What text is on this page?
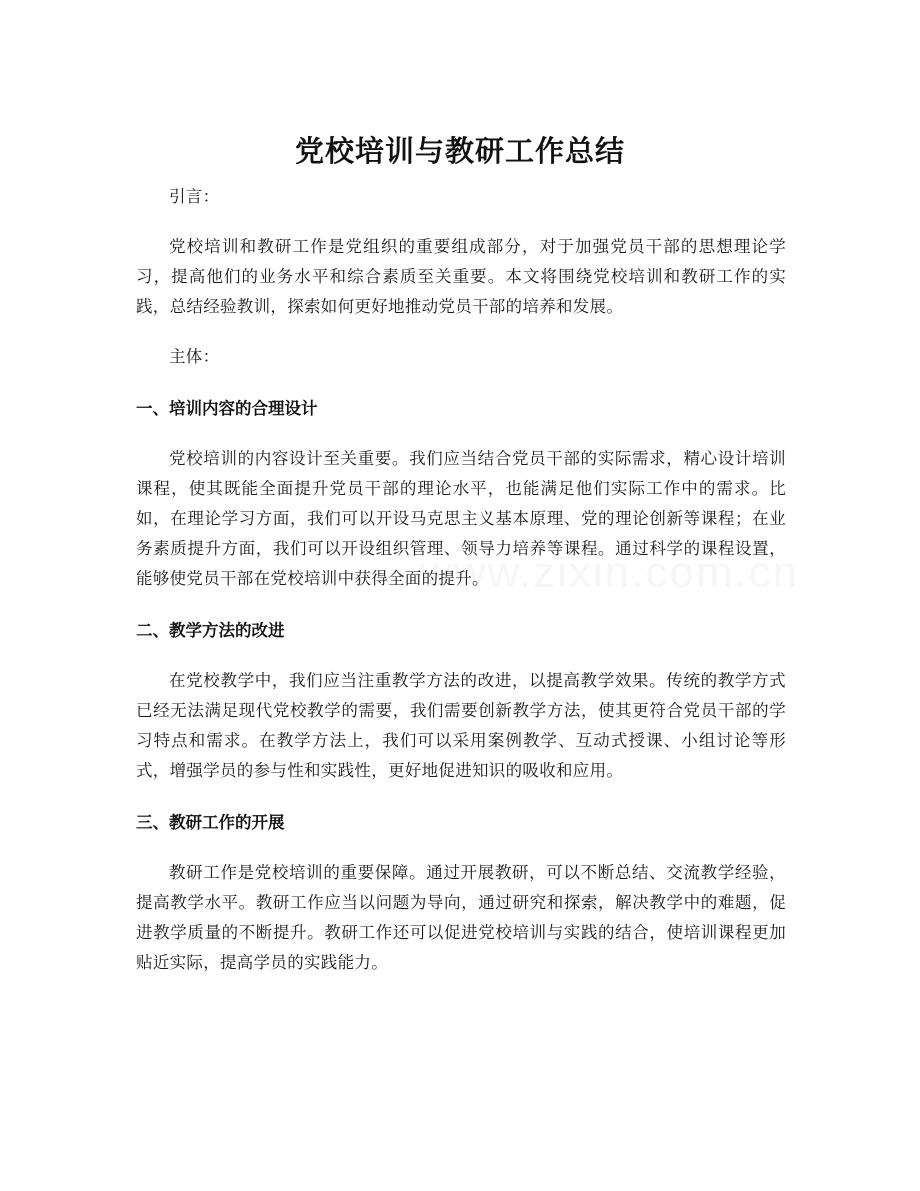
党校培训与教研工作总结

引言：

党校培训和教研工作是党组织的重要组成部分，对于加强党员干部的思想理论学习，提高他们的业务水平和综合素质至关重要。本文将围绕党校培训和教研工作的实践，总结经验教训，探索如何更好地推动党员干部的培养和发展。

主体：

一、培训内容的合理设计

党校培训的内容设计至关重要。我们应当结合党员干部的实际需求，精心设计培训课程，使其既能全面提升党员干部的理论水平，也能满足他们实际工作中的需求。比如，在理论学习方面，我们可以开设马克思主义基本原理、党的理论创新等课程；在业务素质提升方面，我们可以开设组织管理、领导力培养等课程。通过科学的课程设置，能够使党员干部在党校培训中获得全面的提升。

二、教学方法的改进

在党校教学中，我们应当注重教学方法的改进，以提高教学效果。传统的教学方式已经无法满足现代党校教学的需要，我们需要创新教学方法，使其更符合党员干部的学习特点和需求。在教学方法上，我们可以采用案例教学、互动式授课、小组讨论等形式，增强学员的参与性和实践性，更好地促进知识的吸收和应用。

三、教研工作的开展

教研工作是党校培训的重要保障。通过开展教研，可以不断总结、交流教学经验，提高教学水平。教研工作应当以问题为导向，通过研究和探索，解决教学中的难题，促进教学质量的不断提升。教研工作还可以促进党校培训与实践的结合，使培训课程更加贴近实际，提高学员的实践能力。
